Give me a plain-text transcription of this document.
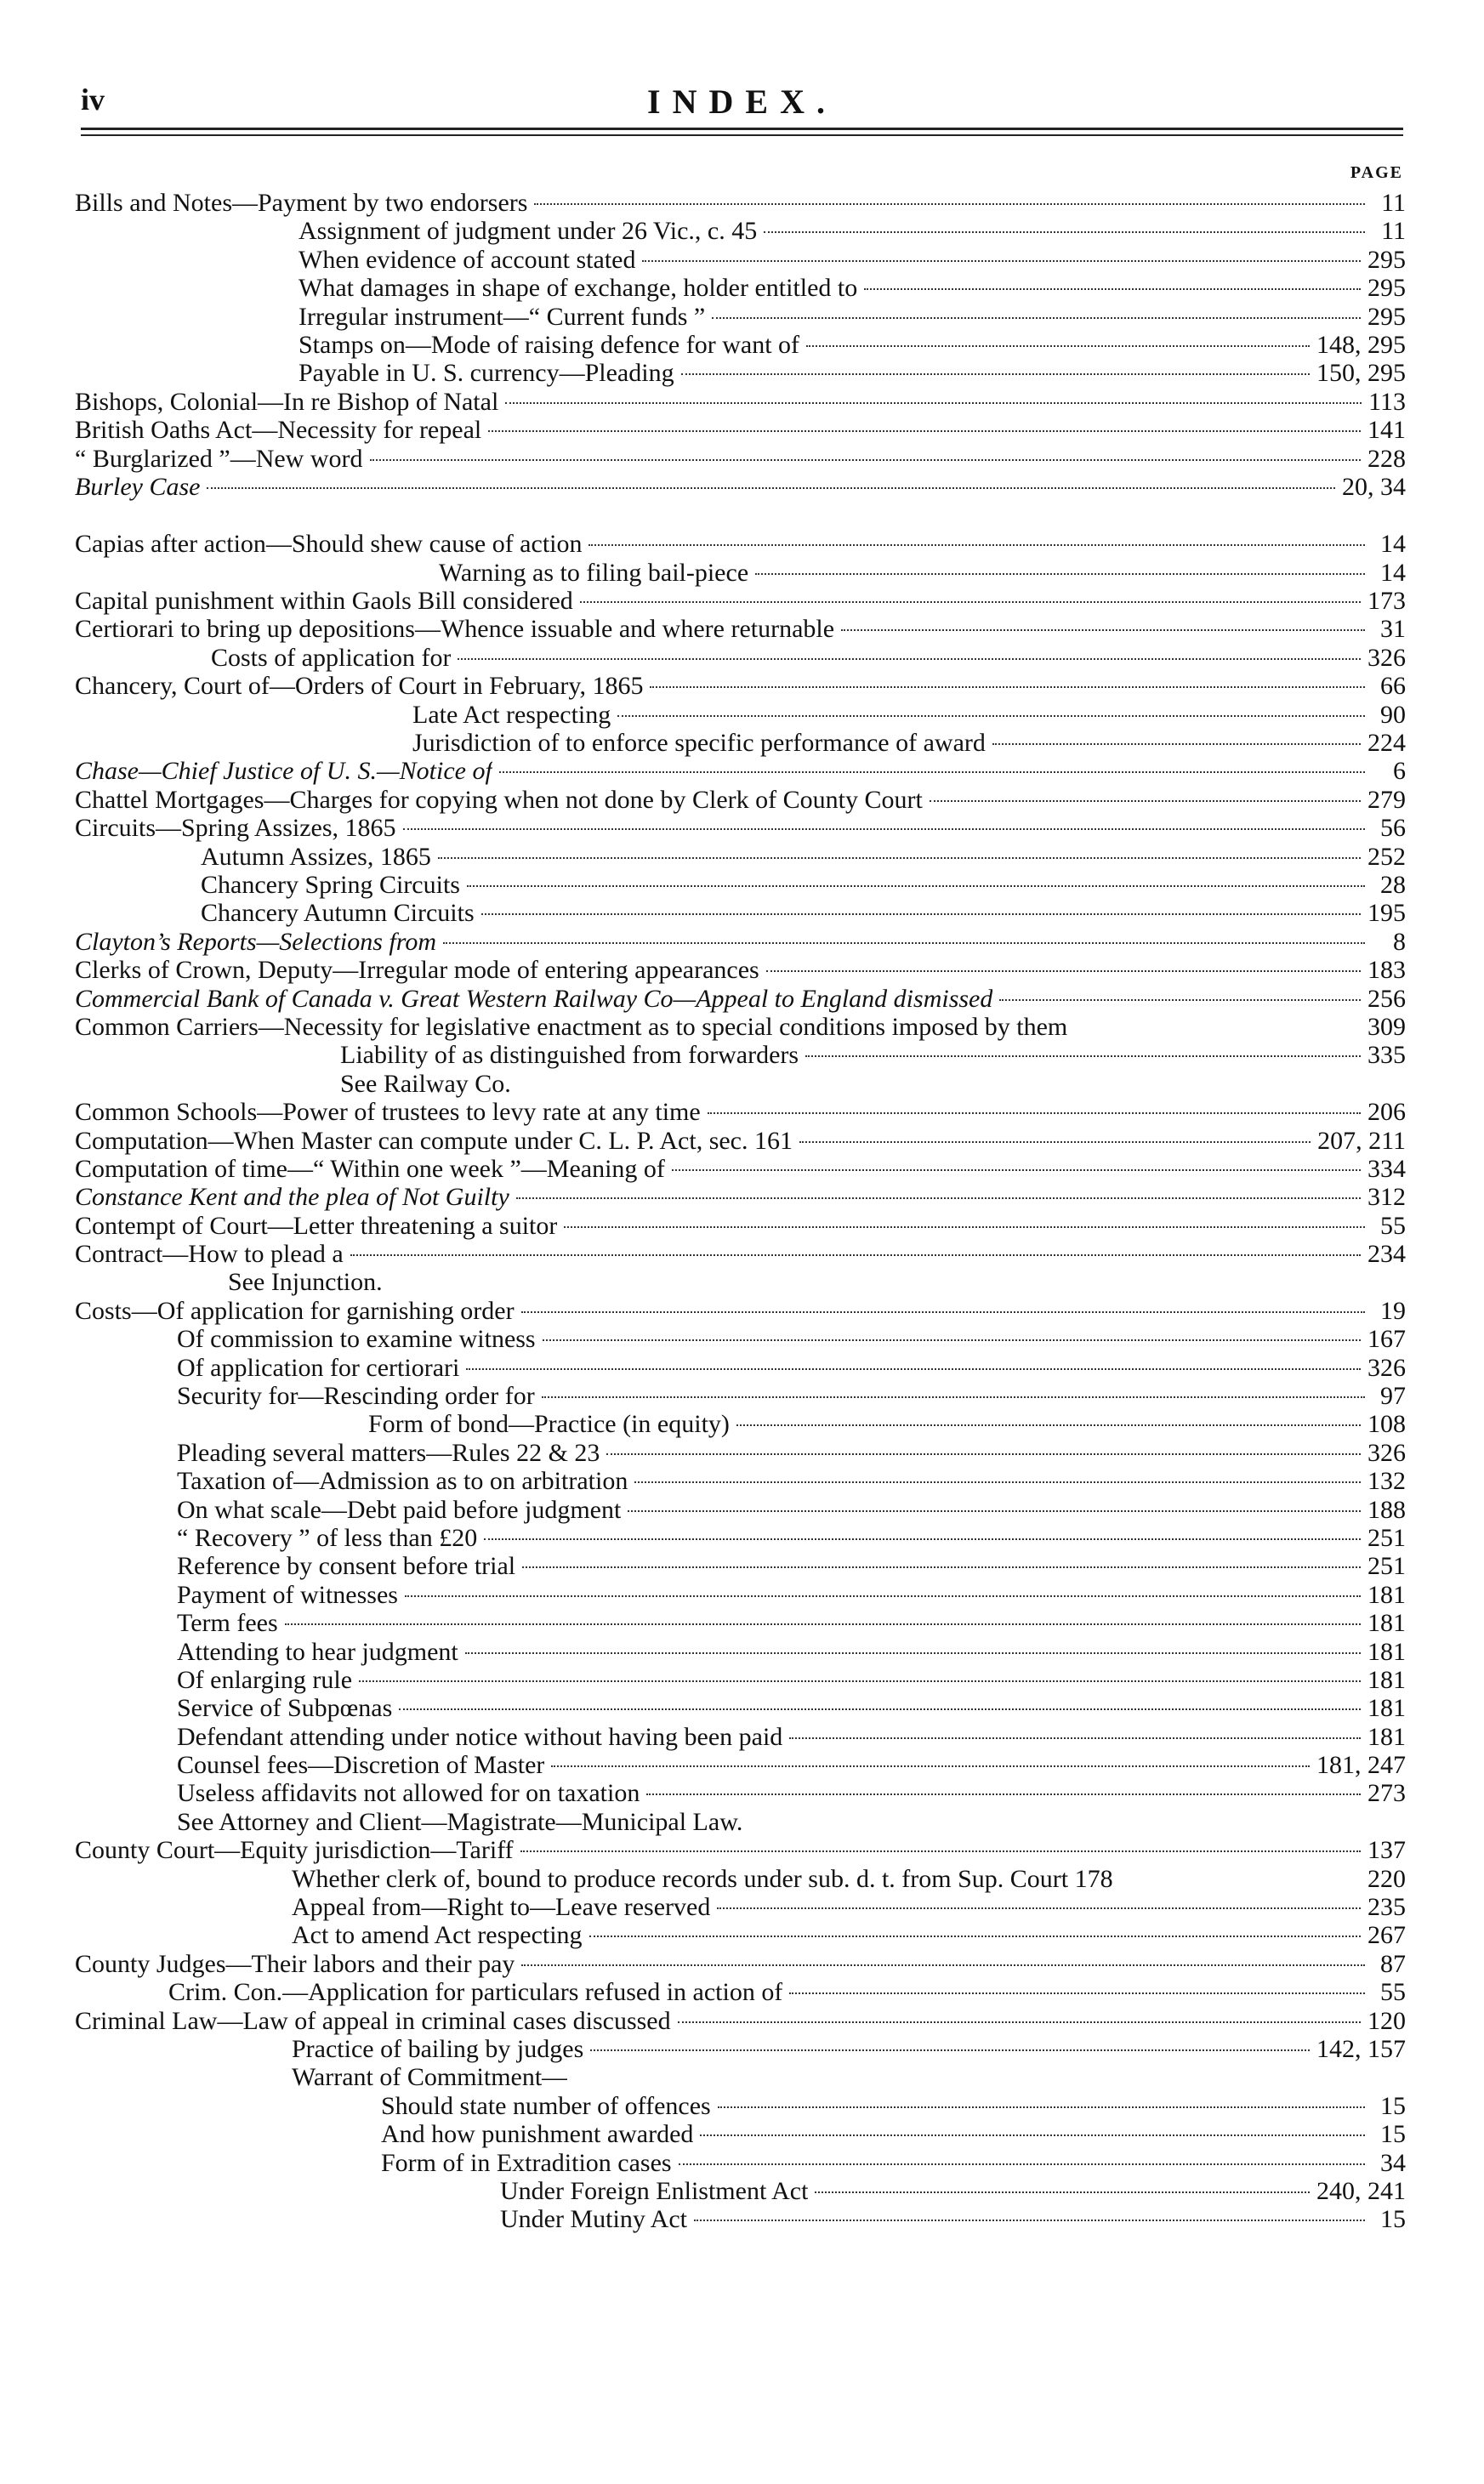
iv	INDEX.
PAGE
Bills and Notes—Payment by two endorsers	11
Assignment of judgment under 26 Vic., c. 45	11
When evidence of account stated	295
What damages in shape of exchange, holder entitled to	295
Irregular instrument—“ Current funds ”	295
Stamps on—Mode of raising defence for want of	148, 295
Payable in U. S. currency—Pleading	150, 295
Bishops, Colonial—In re Bishop of Natal	113
British Oaths Act—Necessity for repeal	141
“ Burglarized ”—New word	228
Burley Case	20, 34
Capias after action—Should shew cause of action	14
Warning as to filing bail-piece	14
Capital punishment within Gaols Bill considered	173
Certiorari to bring up depositions—Whence issuable and where returnable	31
Costs of application for	326
Chancery, Court of—Orders of Court in February, 1865	66
Late Act respecting	90
Jurisdiction of to enforce specific performance of award	224
Chase—Chief Justice of U. S.—Notice of	6
Chattel Mortgages—Charges for copying when not done by Clerk of County Court	279
Circuits—Spring Assizes, 1865	56
Autumn Assizes, 1865	252
Chancery Spring Circuits	28
Chancery Autumn Circuits	195
Clayton’s Reports—Selections from	8
Clerks of Crown, Deputy—Irregular mode of entering appearances	183
Commercial Bank of Canada v. Great Western Railway Co—Appeal to England dismissed	256
Common Carriers—Necessity for legislative enactment as to special conditions imposed by them	309
Liability of as distinguished from forwarders	335
See Railway Co.
Common Schools—Power of trustees to levy rate at any time	206
Computation—When Master can compute under C. L. P. Act, sec. 161	207, 211
Computation of time—“ Within one week ”—Meaning of	334
Constance Kent and the plea of Not Guilty	312
Contempt of Court—Letter threatening a suitor	55
Contract—How to plead a	234
See Injunction.
Costs—Of application for garnishing order	19
Of commission to examine witness	167
Of application for certiorari	326
Security for—Rescinding order for	97
Form of bond—Practice (in equity)	108
Pleading several matters—Rules 22 & 23	326
Taxation of—Admission as to on arbitration	132
On what scale—Debt paid before judgment	188
“ Recovery ” of less than £20	251
Reference by consent before trial	251
Payment of witnesses	181
Term fees	181
Attending to hear judgment	181
Of enlarging rule	181
Service of Subpœnas	181
Defendant attending under notice without having been paid	181
Counsel fees—Discretion of Master	181, 247
Useless affidavits not allowed for on taxation	273
See Attorney and Client—Magistrate—Municipal Law.
County Court—Equity jurisdiction—Tariff	137
Whether clerk of, bound to produce records under sub. d. t. from Sup. Court 178	220
Appeal from—Right to—Leave reserved	235
Act to amend Act respecting	267
County Judges—Their labors and their pay	87
Crim. Con.—Application for particulars refused in action of	55
Criminal Law—Law of appeal in criminal cases discussed	120
Practice of bailing by judges	142, 157
Warrant of Commitment—
Should state number of offences	15
And how punishment awarded	15
Form of in Extradition cases	34
Under Foreign Enlistment Act	240, 241
Under Mutiny Act	15
